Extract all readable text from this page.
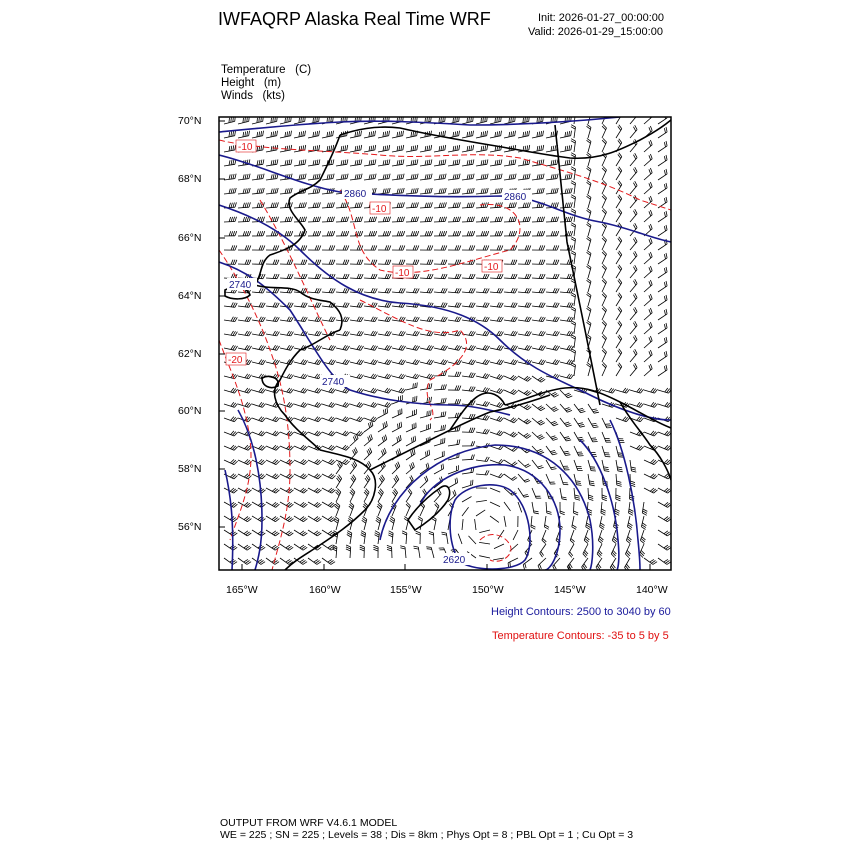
IWFAQRP Alaska Real Time WRF	Init: 2026-01-27_00:00:00
Valid: 2026-01-29_15:00:00
Temperature (C)
Height (m)
Winds (kts)
2860	2860
2740
2740
2620
-10
-10
-10
-10
-20
70°N
68°N
66°N
64°N
62°N
60°N
58°N
56°N
165°W	160°W	155°W	150°W	145°W	140°W
Height Contours: 2500 to 3040 by 60
Temperature Contours: -35 to 5 by 5
OUTPUT FROM WRF V4.6.1 MODEL
WE = 225 ; SN = 225 ; Levels = 38 ; Dis = 8km ; Phys Opt = 8 ; PBL Opt = 1 ; Cu Opt = 3
